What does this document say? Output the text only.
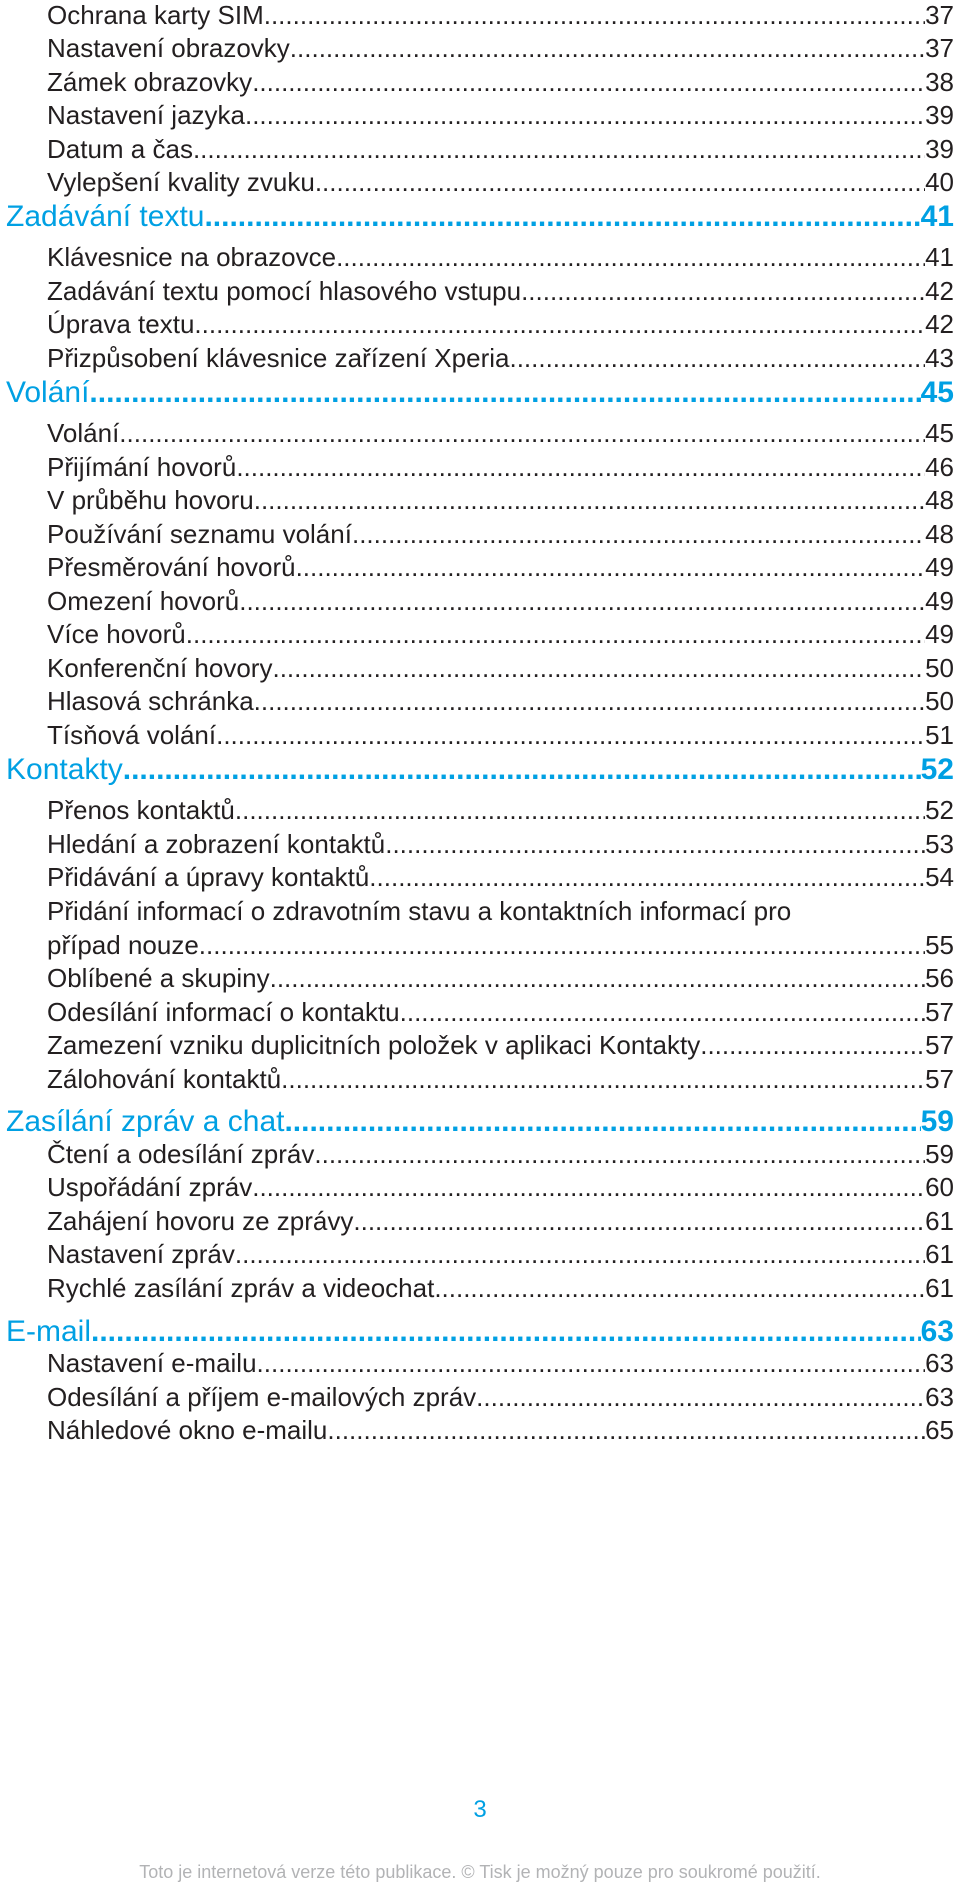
Ochrana karty SIM .....	37
Nastavení obrazovky .....	37
Zámek obrazovky .....	38
Nastavení jazyka .....	39
Datum a čas .....	39
Vylepšení kvality zvuku .....	40
Zadávání textu .....	41
Klávesnice na obrazovce .....	41
Zadávání textu pomocí hlasového vstupu .....	42
Úprava textu .....	42
Přizpůsobení klávesnice zařízení Xperia .....	43
Volání .....	45
Volání .....	45
Přijímání hovorů .....	46
V průběhu hovoru .....	48
Používání seznamu volání .....	48
Přesměrování hovorů .....	49
Omezení hovorů .....	49
Více hovorů .....	49
Konferenční hovory .....	50
Hlasová schránka .....	50
Tísňová volání .....	51
Kontakty .....	52
Přenos kontaktů .....	52
Hledání a zobrazení kontaktů .....	53
Přidávání a úpravy kontaktů .....	54
Přidání informací o zdravotním stavu a kontaktních informací pro
případ nouze .....	55
Oblíbené a skupiny .....	56
Odesílání informací o kontaktu .....	57
Zamezení vzniku duplicitních položek v aplikaci Kontakty .....	57
Zálohování kontaktů .....	57
Zasílání zpráv a chat .....	59
Čtení a odesílání zpráv .....	59
Uspořádání zpráv .....	60
Zahájení hovoru ze zprávy .....	61
Nastavení zpráv .....	61
Rychlé zasílání zpráv a videochat .....	61
E-mail .....	63
Nastavení e-mailu .....	63
Odesílání a příjem e-mailových zpráv .....	63
Náhledové okno e-mailu .....	65
3
Toto je internetová verze této publikace. © Tisk je možný pouze pro soukromé použití.
